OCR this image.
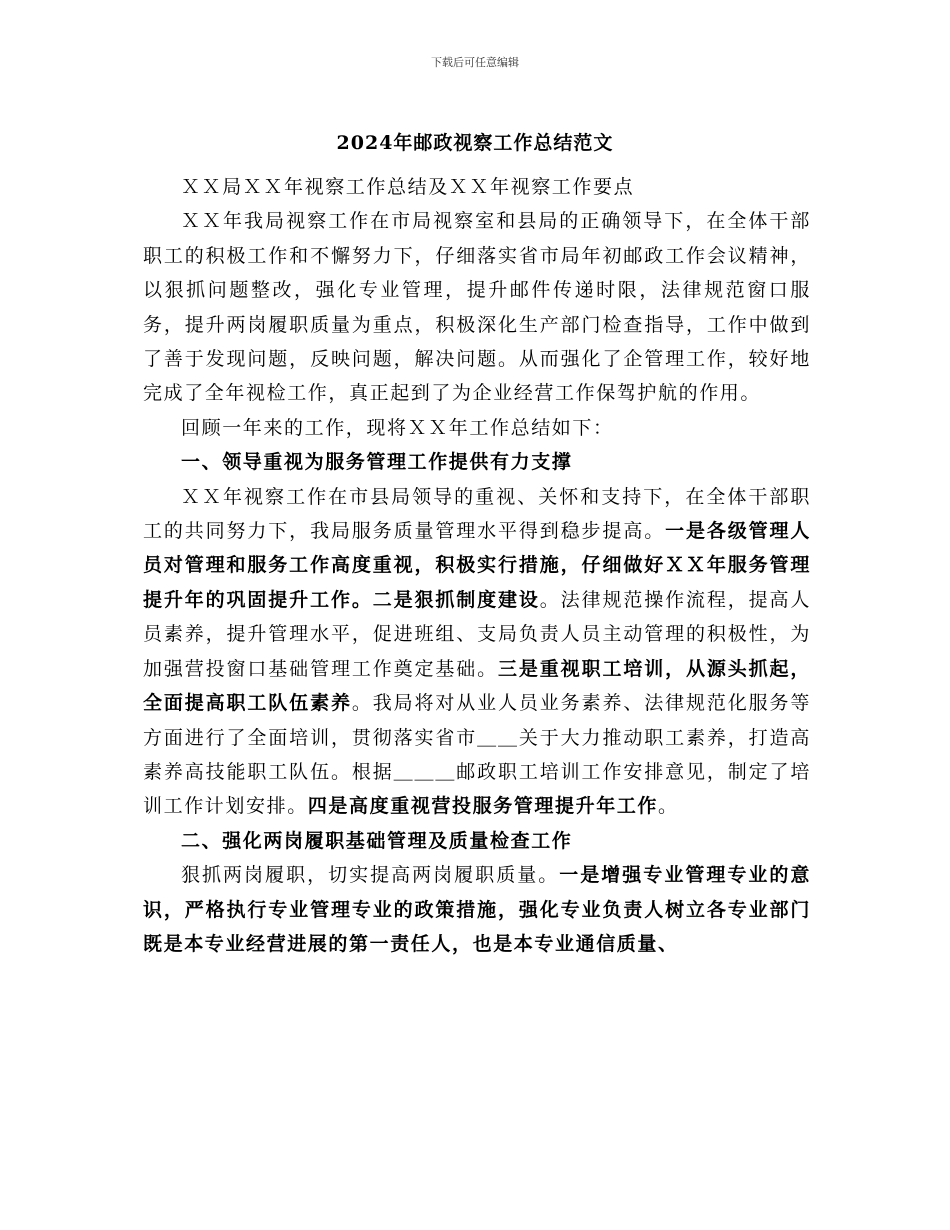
下载后可任意编辑
2024年邮政视察工作总结范文

ＸＸ局ＸＸ年视察工作总结及ＸＸ年视察工作要点

ＸＸ年我局视察工作在市局视察室和县局的正确领导下，在全体干部职工的积极工作和不懈努力下，仔细落实省市局年初邮政工作会议精神，以狠抓问题整改，强化专业管理，提升邮件传递时限，法律规范窗口服务，提升两岗履职质量为重点，积极深化生产部门检查指导，工作中做到了善于发现问题，反映问题，解决问题。从而强化了企管理工作，较好地完成了全年视检工作，真正起到了为企业经营工作保驾护航的作用。

回顾一年来的工作，现将ＸＸ年工作总结如下：

一、领导重视为服务管理工作提供有力支撑

ＸＸ年视察工作在市县局领导的重视、关怀和支持下，在全体干部职工的共同努力下，我局服务质量管理水平得到稳步提高。一是各级管理人员对管理和服务工作高度重视，积极实行措施，仔细做好ＸＸ年服务管理提升年的巩固提升工作。二是狠抓制度建设。法律规范操作流程，提高人员素养，提升管理水平，促进班组、支局负责人员主动管理的积极性，为加强营投窗口基础管理工作奠定基础。三是重视职工培训，从源头抓起，全面提高职工队伍素养。我局将对从业人员业务素养、法律规范化服务等方面进行了全面培训，贯彻落实省市＿＿关于大力推动职工素养，打造高素养高技能职工队伍。根据＿＿＿邮政职工培训工作安排意见，制定了培训工作计划安排。四是高度重视营投服务管理提升年工作。

二、强化两岗履职基础管理及质量检查工作

狠抓两岗履职，切实提高两岗履职质量。一是增强专业管理专业的意识，严格执行专业管理专业的政策措施，强化专业负责人树立各专业部门既是本专业经营进展的第一责任人，也是本专业通信质量、
